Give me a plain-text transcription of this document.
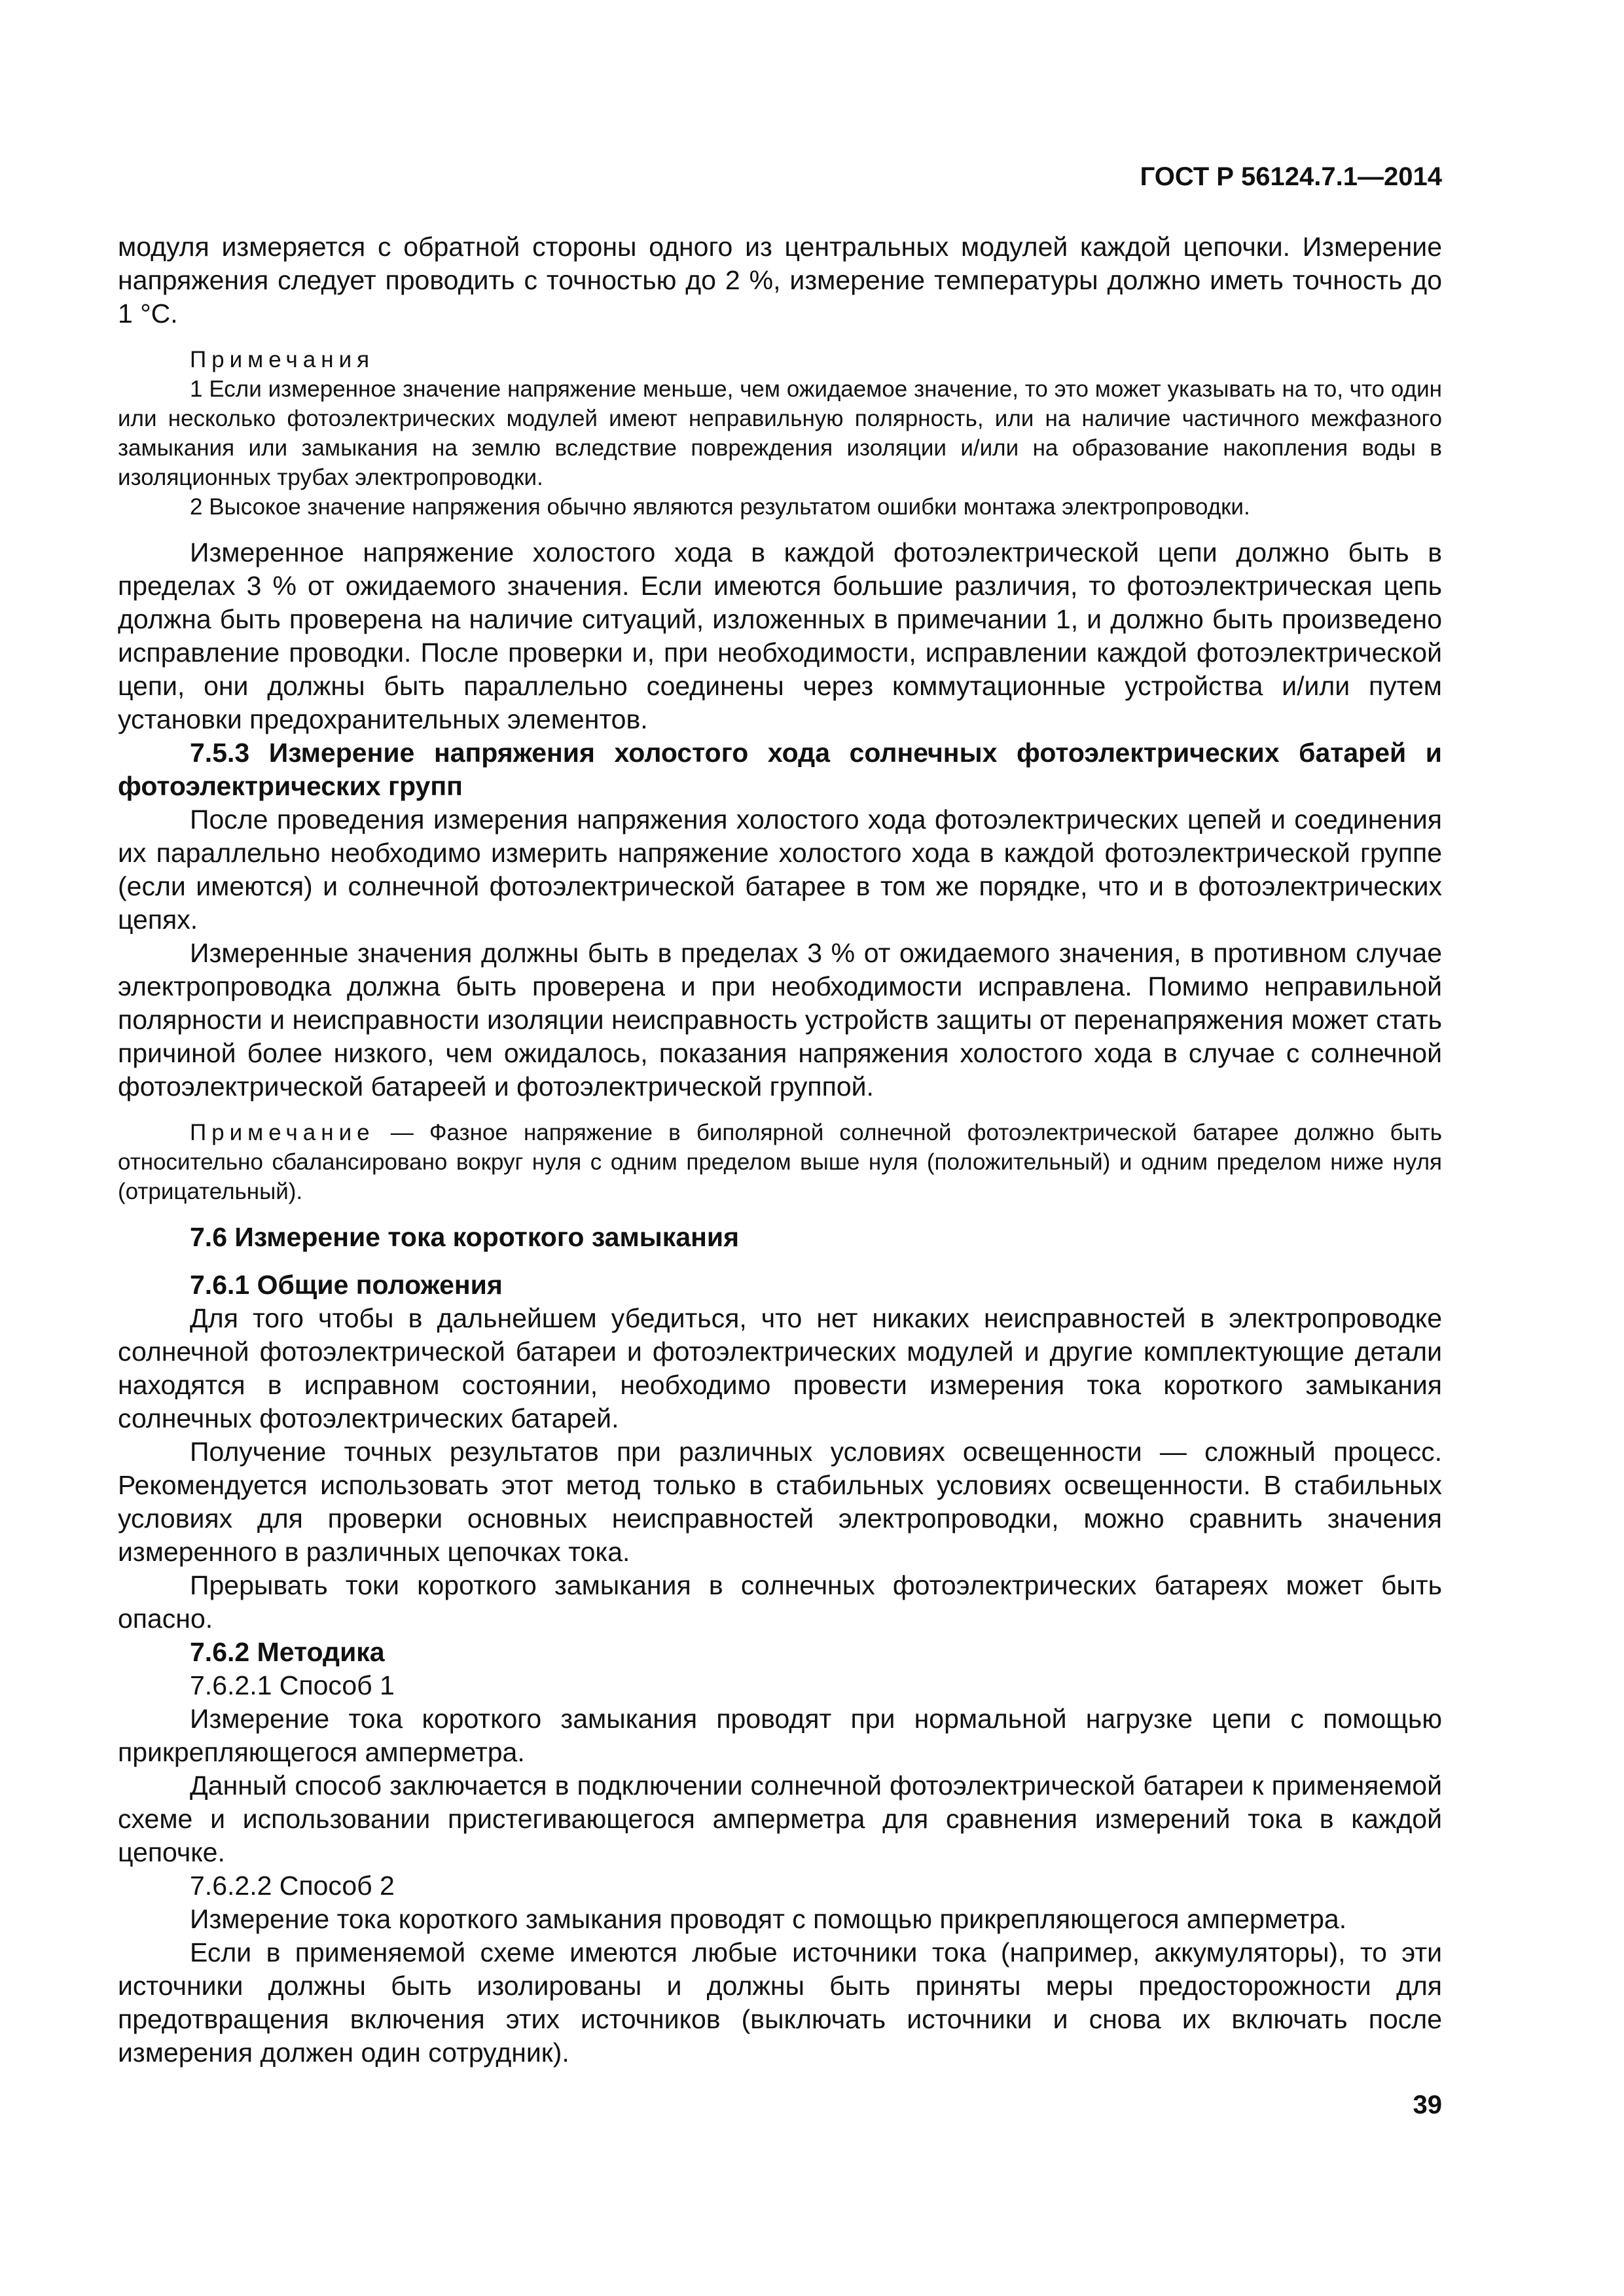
ГОСТ Р 56124.7.1—2014

модуля измеряется с обратной стороны одного из центральных модулей каждой цепочки. Измерение напряжения следует проводить с точностью до 2 %, измерение температуры должно иметь точность до 1 °С.

Примечания

1 Если измеренное значение напряжение меньше, чем ожидаемое значение, то это может указывать на то, что один или несколько фотоэлектрических модулей имеют неправильную полярность, или на наличие частичного межфазного замыкания или замыкания на землю вследствие повреждения изоляции и/или на образование накопления воды в изоляционных трубах электропроводки.

2 Высокое значение напряжения обычно являются результатом ошибки монтажа электропроводки.

Измеренное напряжение холостого хода в каждой фотоэлектрической цепи должно быть в пределах 3 % от ожидаемого значения. Если имеются большие различия, то фотоэлектрическая цепь должна быть проверена на наличие ситуаций, изложенных в примечании 1, и должно быть произведено исправление проводки. После проверки и, при необходимости, исправлении каждой фотоэлектрической цепи, они должны быть параллельно соединены через коммутационные устройства и/или путем установки предохранительных элементов.

7.5.3 Измерение напряжения холостого хода солнечных фотоэлектрических батарей и фотоэлектрических групп

После проведения измерения напряжения холостого хода фотоэлектрических цепей и соединения их параллельно необходимо измерить напряжение холостого хода в каждой фотоэлектрической группе (если имеются) и солнечной фотоэлектрической батарее в том же порядке, что и в фотоэлектрических цепях.

Измеренные значения должны быть в пределах 3 % от ожидаемого значения, в противном случае электропроводка должна быть проверена и при необходимости исправлена. Помимо неправильной полярности и неисправности изоляции неисправность устройств защиты от перенапряжения может стать причиной более низкого, чем ожидалось, показания напряжения холостого хода в случае с солнечной фотоэлектрической батареей и фотоэлектрической группой.

Примечание — Фазное напряжение в биполярной солнечной фотоэлектрической батарее должно быть относительно сбалансировано вокруг нуля с одним пределом выше нуля (положительный) и одним пределом ниже нуля (отрицательный).

7.6 Измерение тока короткого замыкания

7.6.1 Общие положения

Для того чтобы в дальнейшем убедиться, что нет никаких неисправностей в электропроводке солнечной фотоэлектрической батареи и фотоэлектрических модулей и другие комплектующие детали находятся в исправном состоянии, необходимо провести измерения тока короткого замыкания солнечных фотоэлектрических батарей.

Получение точных результатов при различных условиях освещенности — сложный процесс. Рекомендуется использовать этот метод только в стабильных условиях освещенности. В стабильных условиях для проверки основных неисправностей электропроводки, можно сравнить значения измеренного в различных цепочках тока.

Прерывать токи короткого замыкания в солнечных фотоэлектрических батареях может быть опасно.

7.6.2 Методика

7.6.2.1 Способ 1

Измерение тока короткого замыкания проводят при нормальной нагрузке цепи с помощью прикрепляющегося амперметра.

Данный способ заключается в подключении солнечной фотоэлектрической батареи к применяемой схеме и использовании пристегивающегося амперметра для сравнения измерений тока в каждой цепочке.

7.6.2.2 Способ 2

Измерение тока короткого замыкания проводят с помощью прикрепляющегося амперметра.

Если в применяемой схеме имеются любые источники тока (например, аккумуляторы), то эти источники должны быть изолированы и должны быть приняты меры предосторожности для предотвращения включения этих источников (выключать источники и снова их включать после измерения должен один сотрудник).

39
